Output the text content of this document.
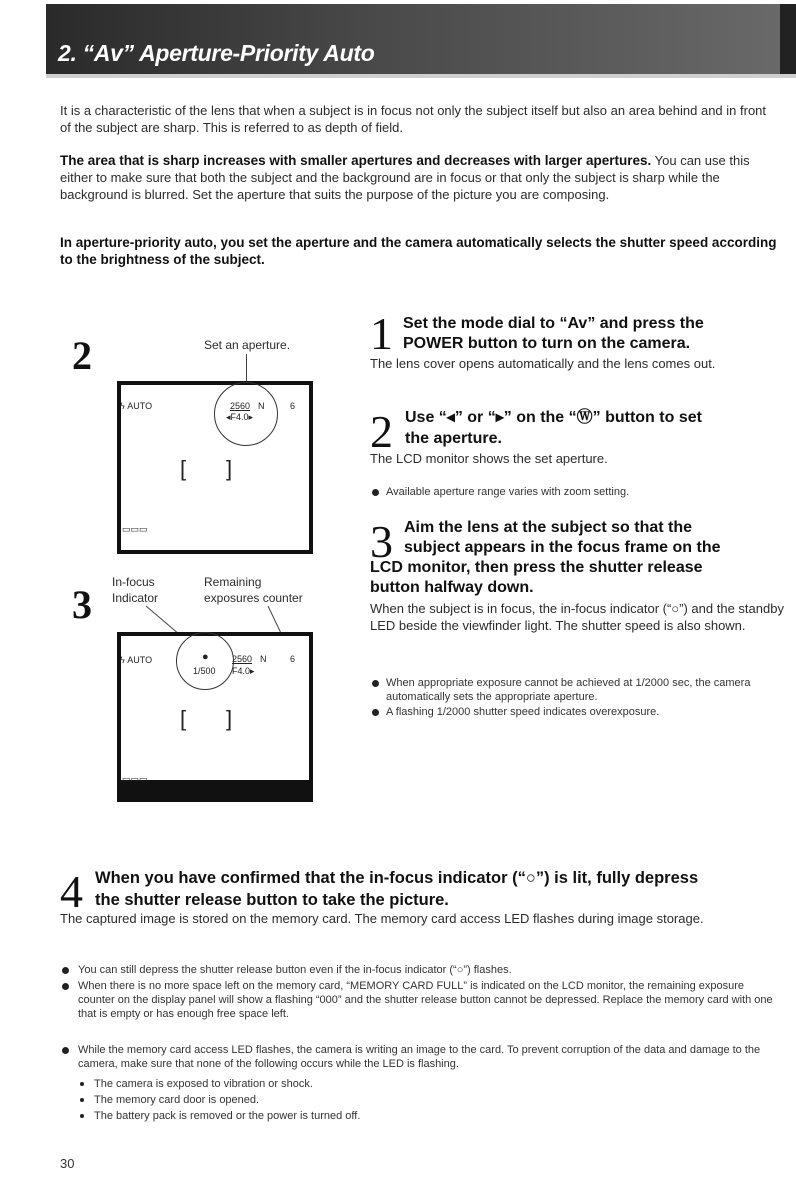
2. “Av” Aperture-Priority Auto

It is a characteristic of the lens that when a subject is in focus not only the subject itself but also an area behind and in front of the subject are sharp. This is referred to as depth of field.

The area that is sharp increases with smaller apertures and decreases with larger apertures. You can use this either to make sure that both the subject and the background are in focus or that only the subject is sharp while the background is blurred. Set the aperture that suits the purpose of the picture you are composing.

In aperture-priority auto, you set the aperture and the camera automatically selects the shutter speed according to the brightness of the subject.

2	Set an aperture.
ϟ AUTO	2560 N	6
◂F4.0▸
[ ]
▭▭▭
3 In-focus
Indicator
Remaining
exposures counter
ϟ AUTO	●
1/500
2560 N	6
F4.0▸
[ ]
▭▭▭
1 Set the mode dial to “Av” and press the
POWER button to turn on the camera.

The lens cover opens automatically and the lens comes out.

2 Use “◂” or “▸” on the “Ⓦ” button to set
the aperture.

The LCD monitor shows the set aperture.

Available aperture range varies with zoom setting.

3 Aim the lens at the subject so that the
subject appears in the focus frame on the
LCD monitor, then press the shutter release
button halfway down.

When the subject is in focus, the in-focus indicator (“○”) and the standby LED beside the viewfinder light. The shutter speed is also shown.

When appropriate exposure cannot be achieved at 1/2000 sec, the camera automatically sets the appropriate aperture.

A flashing 1/2000 shutter speed indicates overexposure.

4 When you have confirmed that the in-focus indicator (“○”) is lit, fully depress
the shutter release button to take the picture.

The captured image is stored on the memory card. The memory card access LED flashes during image storage.

You can still depress the shutter release button even if the in-focus indicator (“○”) flashes.

When there is no more space left on the memory card, “MEMORY CARD FULL” is indicated on the LCD monitor, the remaining exposure counter on the display panel will show a flashing “000” and the shutter release button cannot be depressed. Replace the memory card with one that is empty or has enough free space left.

While the memory card access LED flashes, the camera is writing an image to the card. To prevent corruption of the data and damage to the camera, make sure that none of the following occurs while the LED is flashing.

The camera is exposed to vibration or shock.

The memory card door is opened.

The battery pack is removed or the power is turned off.

30
